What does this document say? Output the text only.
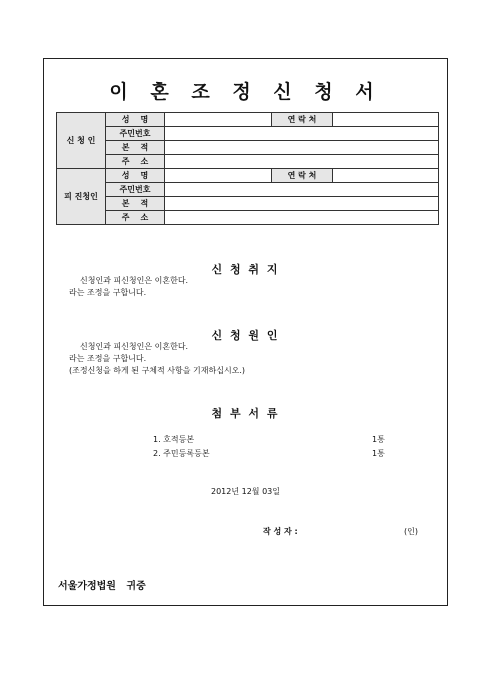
이 혼 조 정 신 청 서
신 청 인	성    명		연 락 처	
	주민번호			
	본    적			
	주    소			
피 진청인	성    명		연 락 처	
	주민번호			
	본    적			
	주    소			
신 청 취 지
신청인과 피신청인은 이혼한다.
라는 조정을 구합니다.
신 청 원 인
신청인과 피신청인은 이혼한다.
라는 조정을 구합니다.
(조정신청을 하게 된 구체적 사항을 기재하십시오.)
첨 부 서 류
1. 호적등본	1통
2. 주민등록등본	1통
2012년 12월 03일
작 성 자 :	(인)
서울가정법원   귀중
